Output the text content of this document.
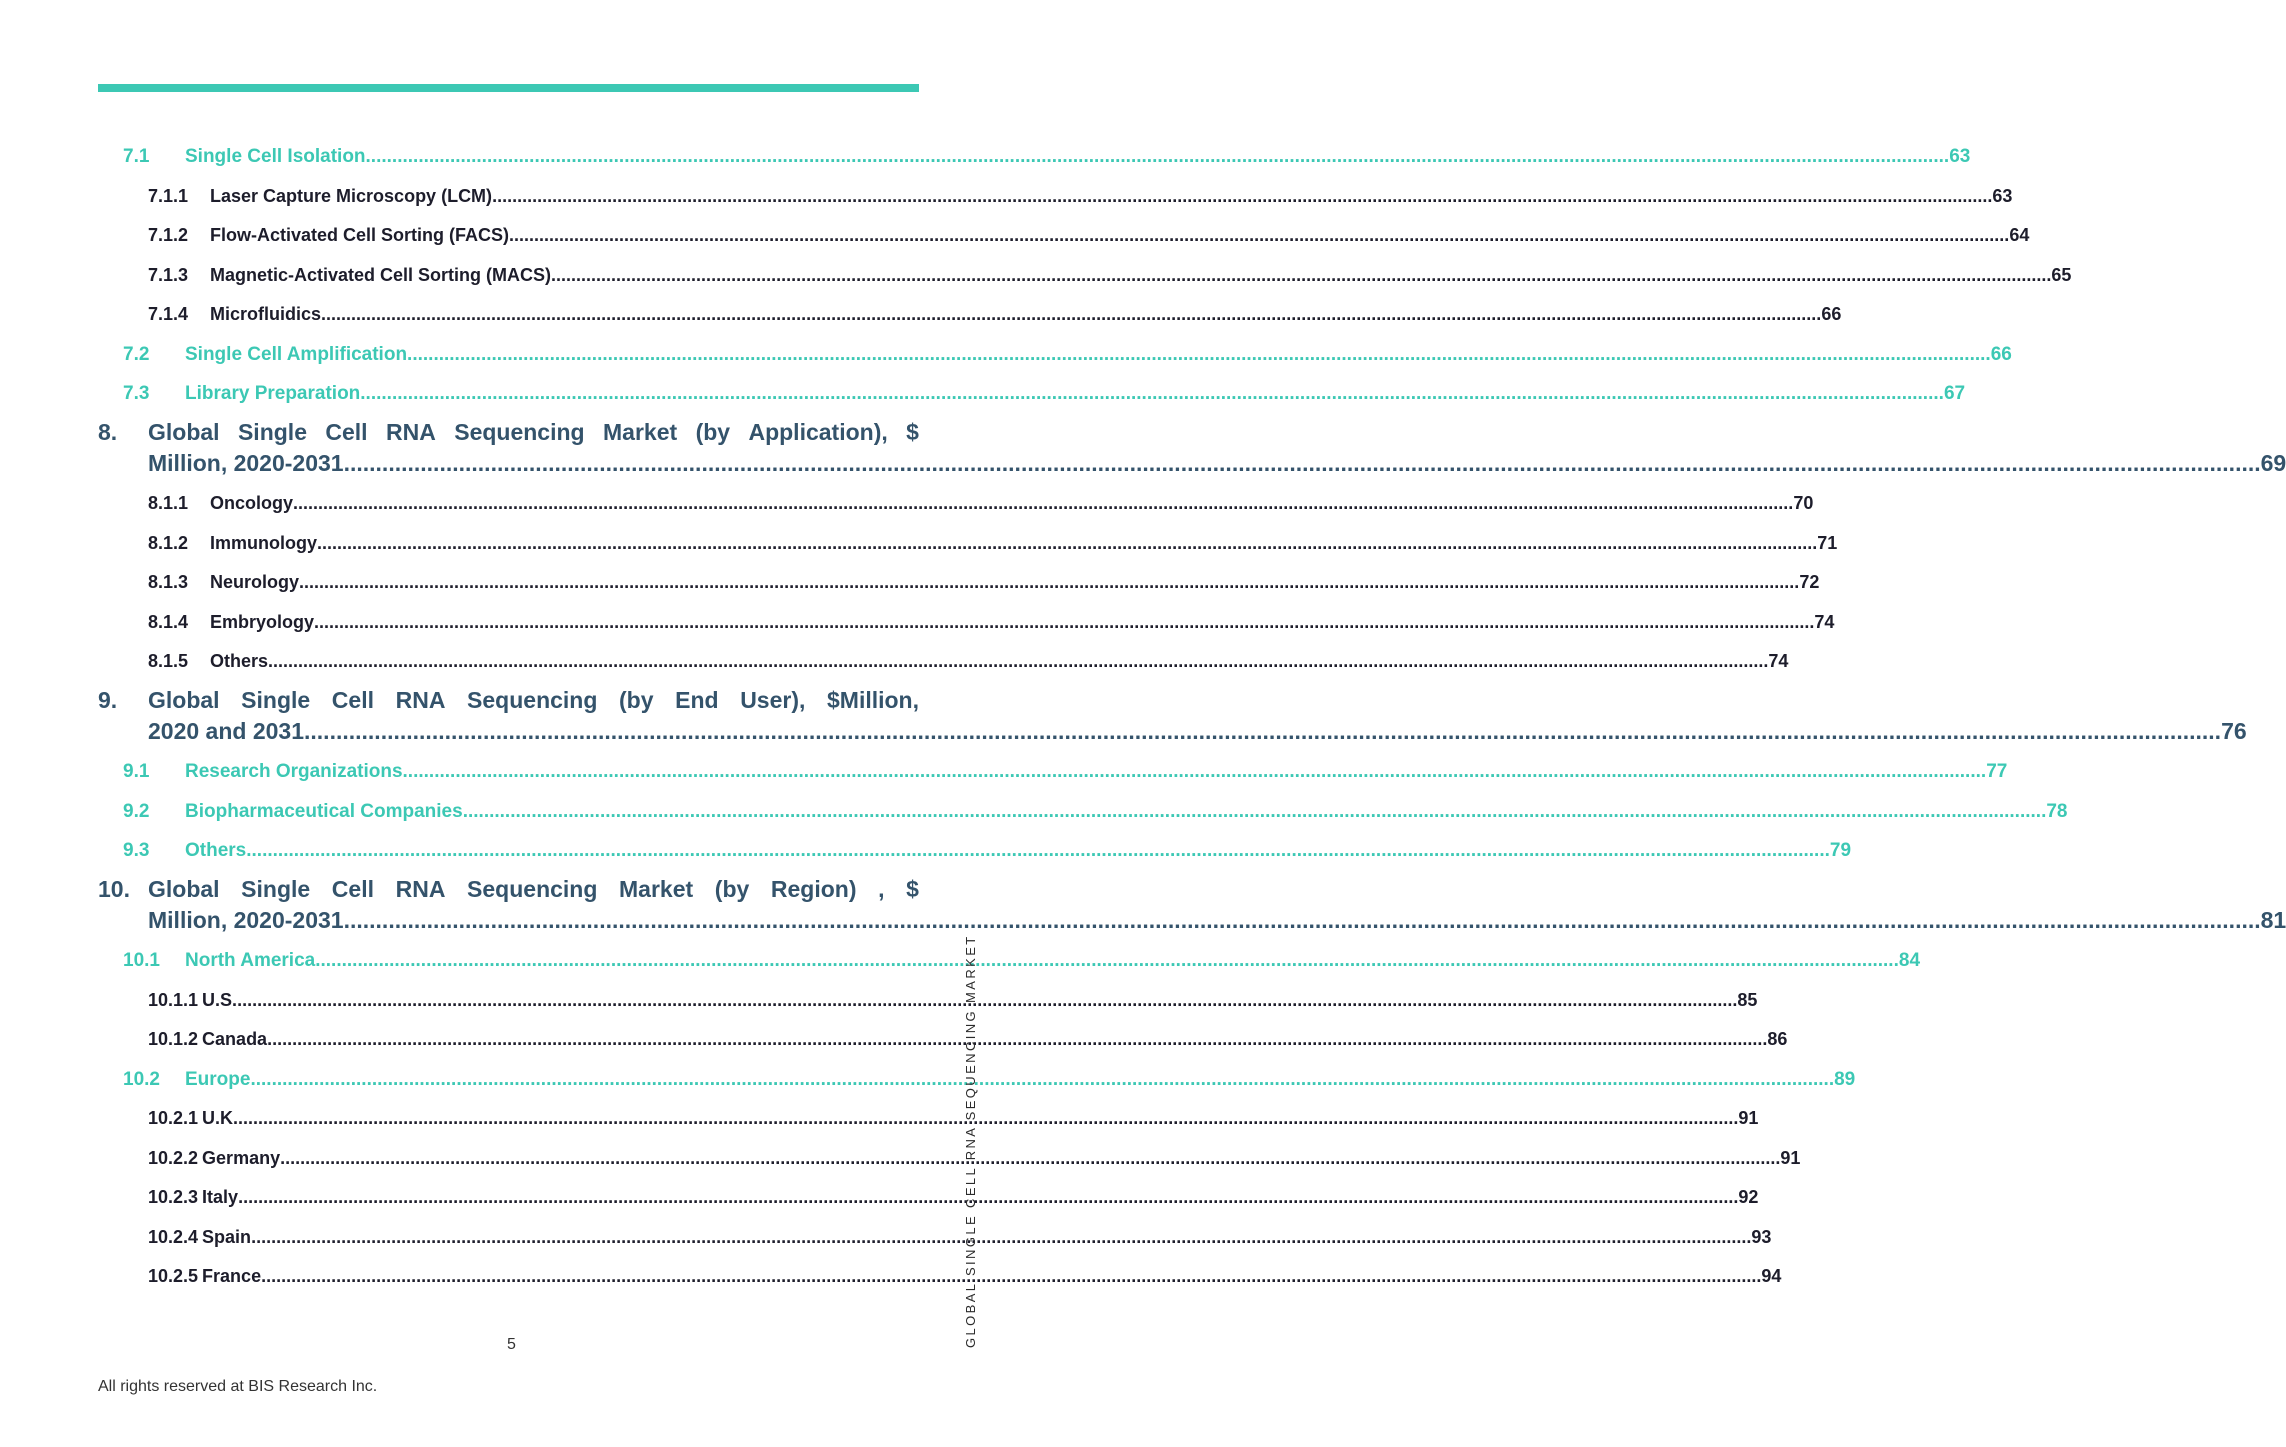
7.1	Single Cell Isolation ............................................................................................................................................................................................................................................................................................................ 63
7.1.1	Laser Capture Microscopy (LCM) ............................................................................................................................................................................................................................................................................................................ 63
7.1.2	Flow-Activated Cell Sorting (FACS) ............................................................................................................................................................................................................................................................................................................ 64
7.1.3	Magnetic-Activated Cell Sorting (MACS) ............................................................................................................................................................................................................................................................................................................ 65
7.1.4	Microfluidics ............................................................................................................................................................................................................................................................................................................ 66
7.2	Single Cell Amplification ............................................................................................................................................................................................................................................................................................................ 66
7.3	Library Preparation ............................................................................................................................................................................................................................................................................................................ 67
8.	Global Single Cell RNA Sequencing Market (by Application), $
Million, 2020-2031 ............................................................................................................................................................................................................................................................................................................ 69
8.1.1	Oncology ............................................................................................................................................................................................................................................................................................................ 70
8.1.2	Immunology ............................................................................................................................................................................................................................................................................................................ 71
8.1.3	Neurology ............................................................................................................................................................................................................................................................................................................ 72
8.1.4	Embryology ............................................................................................................................................................................................................................................................................................................ 74
8.1.5	Others ............................................................................................................................................................................................................................................................................................................ 74
9.	Global Single Cell RNA Sequencing (by End User), $Million,
2020 and 2031 ............................................................................................................................................................................................................................................................................................................ 76
9.1	Research Organizations ............................................................................................................................................................................................................................................................................................................ 77
9.2	Biopharmaceutical Companies ............................................................................................................................................................................................................................................................................................................ 78
9.3	Others ............................................................................................................................................................................................................................................................................................................ 79
10. Global Single Cell RNA Sequencing Market (by Region) , $
Million, 2020-2031 ............................................................................................................................................................................................................................................................................................................ 81
10.1	North America ............................................................................................................................................................................................................................................................................................................ 84
10.1.1 U.S. ............................................................................................................................................................................................................................................................................................................ 85
10.1.2 Canada ............................................................................................................................................................................................................................................................................................................ 86
10.2	Europe ............................................................................................................................................................................................................................................................................................................ 89
10.2.1 U.K. ............................................................................................................................................................................................................................................................................................................ 91
10.2.2 Germany ............................................................................................................................................................................................................................................................................................................ 91
10.2.3 Italy ............................................................................................................................................................................................................................................................................................................ 92
10.2.4 Spain ............................................................................................................................................................................................................................................................................................................ 93
10.2.5 France ............................................................................................................................................................................................................................................................................................................ 94
GLOBAL SINGLE CELL RNA SEQUENCING MARKET
5
All rights reserved at BIS Research Inc.
